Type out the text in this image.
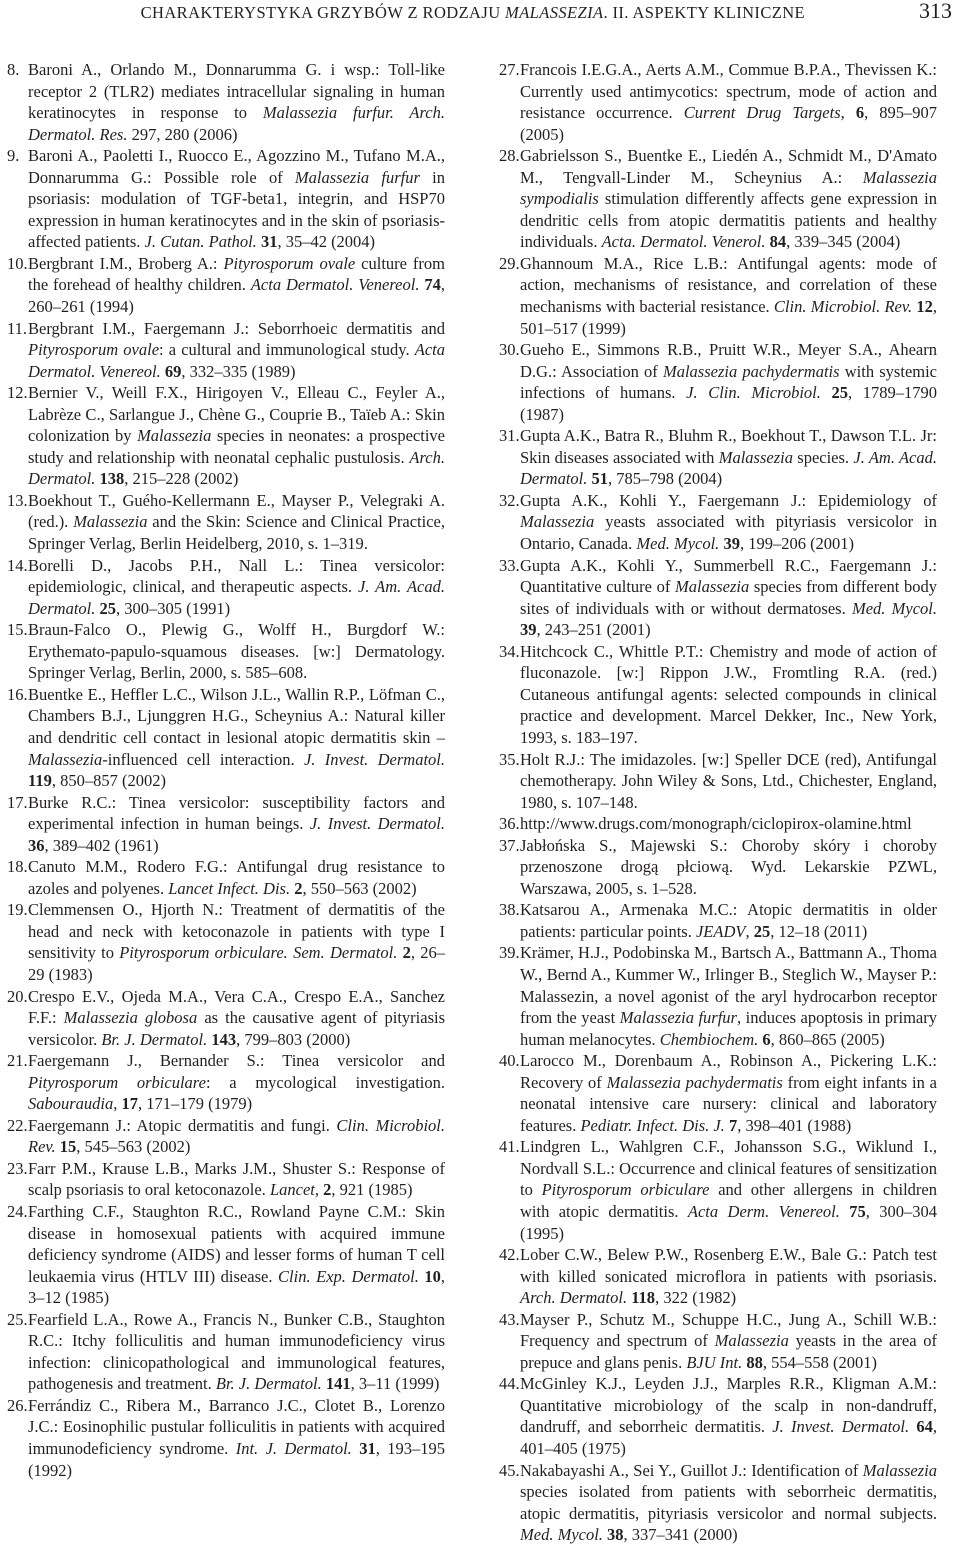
CHARAKTERYSTYKA GRZYBÓW Z RODZAJU MALASSEZIA. II. ASPEKTY KLINICZNE	313

8. Baroni A., Orlando M., Donnarumma G. i wsp.: Toll-like receptor 2 (TLR2) mediates intracellular signaling in human keratinocytes in response to Malassezia furfur. Arch. Dermatol. Res. 297, 280 (2006)

9. Baroni A., Paoletti I., Ruocco E., Agozzino M., Tufano M.A., Donnarumma G.: Possible role of Malassezia furfur in psoriasis: modulation of TGF-beta1, integrin, and HSP70 expression in human keratinocytes and in the skin of psoriasis-affected patients. J. Cutan. Pathol. 31, 35–42 (2004)

10. Bergbrant I.M., Broberg A.: Pityrosporum ovale culture from the forehead of healthy children. Acta Dermatol. Venereol. 74, 260–261 (1994)

11. Bergbrant I.M., Faergemann J.: Seborrhoeic dermatitis and Pityrosporum ovale: a cultural and immunological study. Acta Dermatol. Venereol. 69, 332–335 (1989)

12. Bernier V., Weill F.X., Hirigoyen V., Elleau C., Feyler A., Labrèze C., Sarlangue J., Chène G., Couprie B., Taïeb A.: Skin colonization by Malassezia species in neonates: a prospective study and relationship with neonatal cephalic pustulosis. Arch. Dermatol. 138, 215–228 (2002)

13. Boekhout T., Guého-Kellermann E., Mayser P., Velegraki A. (red.). Malassezia and the Skin: Science and Clinical Practice, Springer Verlag, Berlin Heidelberg, 2010, s. 1–319.

14. Borelli D., Jacobs P.H., Nall L.: Tinea versicolor: epidemiologic, clinical, and therapeutic aspects. J. Am. Acad. Dermatol. 25, 300–305 (1991)

15. Braun-Falco O., Plewig G., Wolff H., Burgdorf W.: Erythemato-papulo-squamous diseases. [w:] Dermatology. Springer Verlag, Berlin, 2000, s. 585–608.

16. Buentke E., Heffler L.C., Wilson J.L., Wallin R.P., Löfman C., Chambers B.J., Ljunggren H.G., Scheynius A.: Natural killer and dendritic cell contact in lesional atopic dermatitis skin – Malassezia-influenced cell interaction. J. Invest. Dermatol. 119, 850–857 (2002)

17. Burke R.C.: Tinea versicolor: susceptibility factors and experimental infection in human beings. J. Invest. Dermatol. 36, 389–402 (1961)

18. Canuto M.M., Rodero F.G.: Antifungal drug resistance to azoles and polyenes. Lancet Infect. Dis. 2, 550–563 (2002)

19. Clemmensen O., Hjorth N.: Treatment of dermatitis of the head and neck with ketoconazole in patients with type I sensitivity to Pityrosporum orbiculare. Sem. Dermatol. 2, 26–29 (1983)

20. Crespo E.V., Ojeda M.A., Vera C.A., Crespo E.A., Sanchez F.F.: Malassezia globosa as the causative agent of pityriasis versicolor. Br. J. Dermatol. 143, 799–803 (2000)

21. Faergemann J., Bernander S.: Tinea versicolor and Pityrosporum orbiculare: a mycological investigation. Sabouraudia, 17, 171–179 (1979)

22. Faergemann J.: Atopic dermatitis and fungi. Clin. Microbiol. Rev. 15, 545–563 (2002)

23. Farr P.M., Krause L.B., Marks J.M., Shuster S.: Response of scalp psoriasis to oral ketoconazole. Lancet, 2, 921 (1985)

24. Farthing C.F., Staughton R.C., Rowland Payne C.M.: Skin disease in homosexual patients with acquired immune deficiency syndrome (AIDS) and lesser forms of human T cell leukaemia virus (HTLV III) disease. Clin. Exp. Dermatol. 10, 3–12 (1985)

25. Fearfield L.A., Rowe A., Francis N., Bunker C.B., Staughton R.C.: Itchy folliculitis and human immunodeficiency virus infection: clinicopathological and immunological features, pathogenesis and treatment. Br. J. Dermatol. 141, 3–11 (1999)

26. Ferrándiz C., Ribera M., Barranco J.C., Clotet B., Lorenzo J.C.: Eosinophilic pustular folliculitis in patients with acquired immunodeficiency syndrome. Int. J. Dermatol. 31, 193–195 (1992)

27. Francois I.E.G.A., Aerts A.M., Commue B.P.A., Thevissen K.: Currently used antimycotics: spectrum, mode of action and resistance occurrence. Current Drug Targets, 6, 895–907 (2005)

28. Gabrielsson S., Buentke E., Liedén A., Schmidt M., D'Amato M., Tengvall-Linder M., Scheynius A.: Malassezia sympodialis stimulation differently affects gene expression in dendritic cells from atopic dermatitis patients and healthy individuals. Acta. Dermatol. Venerol. 84, 339–345 (2004)

29. Ghannoum M.A., Rice L.B.: Antifungal agents: mode of action, mechanisms of resistance, and correlation of these mechanisms with bacterial resistance. Clin. Microbiol. Rev. 12, 501–517 (1999)

30. Gueho E., Simmons R.B., Pruitt W.R., Meyer S.A., Ahearn D.G.: Association of Malassezia pachydermatis with systemic infections of humans. J. Clin. Microbiol. 25, 1789–1790 (1987)

31. Gupta A.K., Batra R., Bluhm R., Boekhout T., Dawson T.L. Jr: Skin diseases associated with Malassezia species. J. Am. Acad. Dermatol. 51, 785–798 (2004)

32. Gupta A.K., Kohli Y., Faergemann J.: Epidemiology of Malassezia yeasts associated with pityriasis versicolor in Ontario, Canada. Med. Mycol. 39, 199–206 (2001)

33. Gupta A.K., Kohli Y., Summerbell R.C., Faergemann J.: Quantitative culture of Malassezia species from different body sites of individuals with or without dermatoses. Med. Mycol. 39, 243–251 (2001)

34. Hitchcock C., Whittle P.T.: Chemistry and mode of action of fluconazole. [w:] Rippon J.W., Fromtling R.A. (red.) Cutaneous antifungal agents: selected compounds in clinical practice and development. Marcel Dekker, Inc., New York, 1993, s. 183–197.

35. Holt R.J.: The imidazoles. [w:] Speller DCE (red), Antifungal chemotherapy. John Wiley & Sons, Ltd., Chichester, England, 1980, s. 107–148.

36. http://www.drugs.com/monograph/ciclopirox-olamine.html

37. Jabłońska S., Majewski S.: Choroby skóry i choroby przenoszone drogą płciową. Wyd. Lekarskie PZWL, Warszawa, 2005, s. 1–528.

38. Katsarou A., Armenaka M.C.: Atopic dermatitis in older patients: particular points. JEADV, 25, 12–18 (2011)

39. Krämer, H.J., Podobinska M., Bartsch A., Battmann A., Thoma W., Bernd A., Kummer W., Irlinger B., Steglich W., Mayser P.: Malassezin, a novel agonist of the aryl hydrocarbon receptor from the yeast Malassezia furfur, induces apoptosis in primary human melanocytes. Chembiochem. 6, 860–865 (2005)

40. Larocco M., Dorenbaum A., Robinson A., Pickering L.K.: Recovery of Malassezia pachydermatis from eight infants in a neonatal intensive care nursery: clinical and laboratory features. Pediatr. Infect. Dis. J. 7, 398–401 (1988)

41. Lindgren L., Wahlgren C.F., Johansson S.G., Wiklund I., Nordvall S.L.: Occurrence and clinical features of sensitization to Pityrosporum orbiculare and other allergens in children with atopic dermatitis. Acta Derm. Venereol. 75, 300–304 (1995)

42. Lober C.W., Belew P.W., Rosenberg E.W., Bale G.: Patch test with killed sonicated microflora in patients with psoriasis. Arch. Dermatol. 118, 322 (1982)

43. Mayser P., Schutz M., Schuppe H.C., Jung A., Schill W.B.: Frequency and spectrum of Malassezia yeasts in the area of prepuce and glans penis. BJU Int. 88, 554–558 (2001)

44. McGinley K.J., Leyden J.J., Marples R.R., Kligman A.M.: Quantitative microbiology of the scalp in non-dandruff, dandruff, and seborrheic dermatitis. J. Invest. Dermatol. 64, 401–405 (1975)

45. Nakabayashi A., Sei Y., Guillot J.: Identification of Malassezia species isolated from patients with seborrheic dermatitis, atopic dermatitis, pityriasis versicolor and normal subjects. Med. Mycol. 38, 337–341 (2000)
